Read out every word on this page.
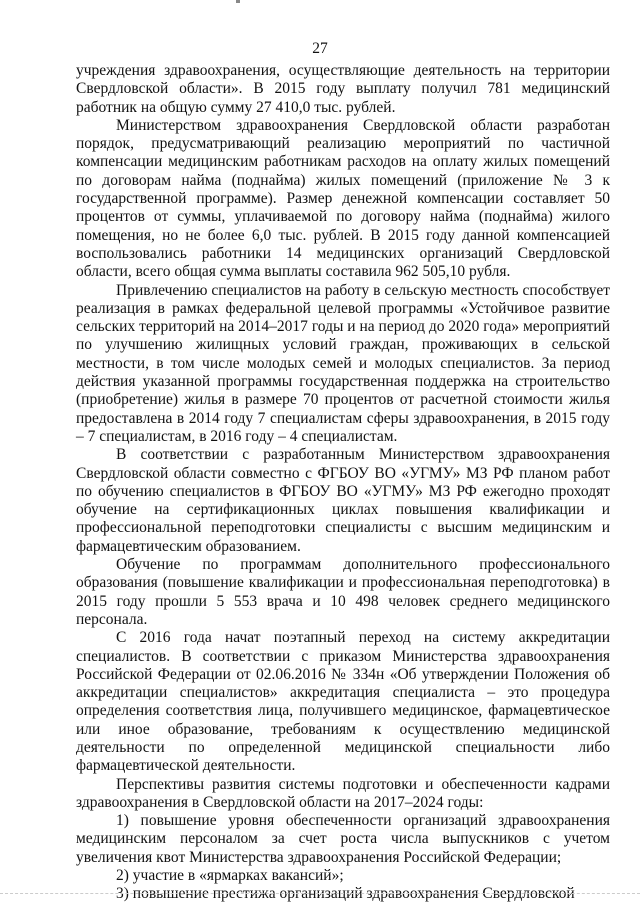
27

учреждения здравоохранения, осуществляющие деятельность на территории Свердловской области». В 2015 году выплату получил 781 медицинский работник на общую сумму 27 410,0 тыс. рублей.

Министерством здравоохранения Свердловской области разработан порядок, предусматривающий реализацию мероприятий по частичной компенсации медицинским работникам расходов на оплату жилых помещений по договорам найма (поднайма) жилых помещений (приложение № 3 к государственной программе). Размер денежной компенсации составляет 50 процентов от суммы, уплачиваемой по договору найма (поднайма) жилого помещения, но не более 6,0 тыс. рублей. В 2015 году данной компенсацией воспользовались работники 14 медицинских организаций Свердловской области, всего общая сумма выплаты составила 962 505,10 рубля.

Привлечению специалистов на работу в сельскую местность способствует реализация в рамках федеральной целевой программы «Устойчивое развитие сельских территорий на 2014–2017 годы и на период до 2020 года» мероприятий по улучшению жилищных условий граждан, проживающих в сельской местности, в том числе молодых семей и молодых специалистов. За период действия указанной программы государственная поддержка на строительство (приобретение) жилья в размере 70 процентов от расчетной стоимости жилья предоставлена в 2014 году 7 специалистам сферы здравоохранения, в 2015 году – 7 специалистам, в 2016 году – 4 специалистам.

В соответствии с разработанным Министерством здравоохранения Свердловской области совместно с ФГБОУ ВО «УГМУ» МЗ РФ планом работ по обучению специалистов в ФГБОУ ВО «УГМУ» МЗ РФ ежегодно проходят обучение на сертификационных циклах повышения квалификации и профессиональной переподготовки специалисты с высшим медицинским и фармацевтическим образованием.

Обучение по программам дополнительного профессионального образования (повышение квалификации и профессиональная переподготовка) в 2015 году прошли 5 553 врача и 10 498 человек среднего медицинского персонала.

С 2016 года начат поэтапный переход на систему аккредитации специалистов. В соответствии с приказом Министерства здравоохранения Российской Федерации от 02.06.2016 № 334н «Об утверждении Положения об аккредитации специалистов» аккредитация специалиста – это процедура определения соответствия лица, получившего медицинское, фармацевтическое или иное образование, требованиям к осуществлению медицинской деятельности по определенной медицинской специальности либо фармацевтической деятельности.

Перспективы развития системы подготовки и обеспеченности кадрами здравоохранения в Свердловской области на 2017–2024 годы:

1) повышение уровня обеспеченности организаций здравоохранения медицинским персоналом за счет роста числа выпускников с учетом увеличения квот Министерства здравоохранения Российской Федерации;

2) участие в «ярмарках вакансий»;

3) повышение престижа организаций здравоохранения Свердловской
